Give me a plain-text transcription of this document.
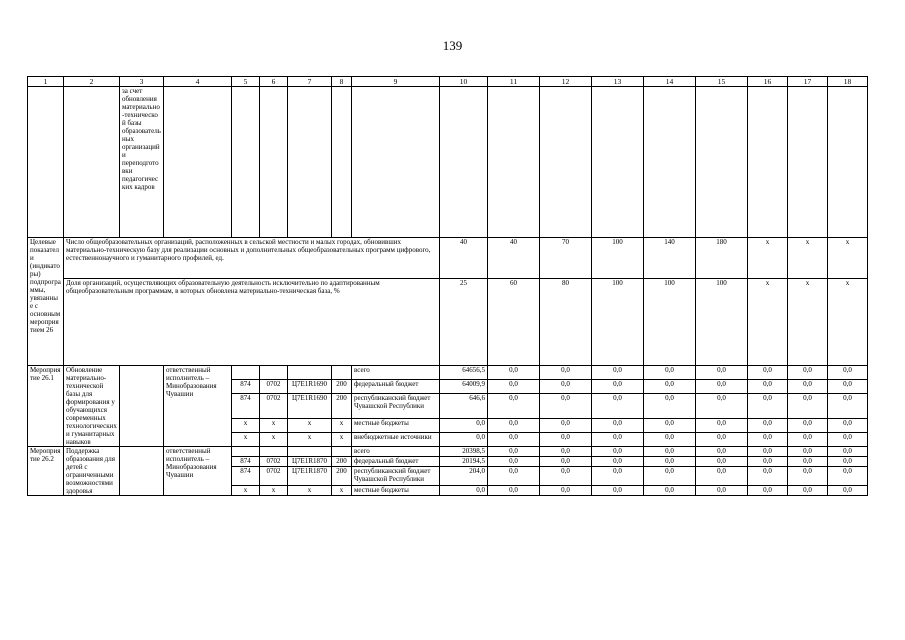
139
1	2	3	4	5	6	7	8	9	10	11	12	13	14	15	16	17	18
		за счет обновления материально-технической базы образовательных организаций и переподготовки педагогических кадров															
Целевые показатели (индикаторы) подпрограммы, увязанные с основным мероприятием 26	Число общеобразовательных организаций, расположенных в сельской местности и малых городах, обновивших материально-техническую базу для реализации основных и дополнительных общеобразовательных программ цифрового, естественнонаучного и гуманитарного профилей, ед.								40	40	70	100	140	180	x	x	x
	Доля организаций, осуществляющих образовательную деятельность исключительно по адаптированным общеобразовательным программам, в которых обновлена материально-техническая база, %								25	60	80	100	100	100	x	x	x
Мероприятие 26.1	Обновление материально-технической базы для формирования у обучающихся современных технологических и гуманитарных навыков		ответственный исполнитель – Минобразования Чувашии					всего	64656,5	0,0	0,0	0,0	0,0	0,0	0,0	0,0	0,0
				874	0702	Ц7Е1R1690	200	федеральный бюджет	64009,9	0,0	0,0	0,0	0,0	0,0	0,0	0,0	0,0
				874	0702	Ц7Е1R1690	200	республиканский бюджет Чувашской Республики	646,6	0,0	0,0	0,0	0,0	0,0	0,0	0,0	0,0
				x	x	x	x	местные бюджеты	0,0	0,0	0,0	0,0	0,0	0,0	0,0	0,0	0,0
				x	x	x	x	внебюджетные источники	0,0	0,0	0,0	0,0	0,0	0,0	0,0	0,0	0,0
Мероприятие 26.2	Поддержка образования для детей с ограниченными возможностями здоровья		ответственный исполнитель – Минобразования Чувашии					всего	20398,5	0,0	0,0	0,0	0,0	0,0	0,0	0,0	0,0
				874	0702	Ц7Е1R1870	200	федеральный бюджет	20194,5	0,0	0,0	0,0	0,0	0,0	0,0	0,0	0,0
				874	0702	Ц7Е1R1870	200	республиканский бюджет Чувашской Республики	204,0	0,0	0,0	0,0	0,0	0,0	0,0	0,0	0,0
				x	x	x	x	местные бюджеты	0,0	0,0	0,0	0,0	0,0	0,0	0,0	0,0	0,0
